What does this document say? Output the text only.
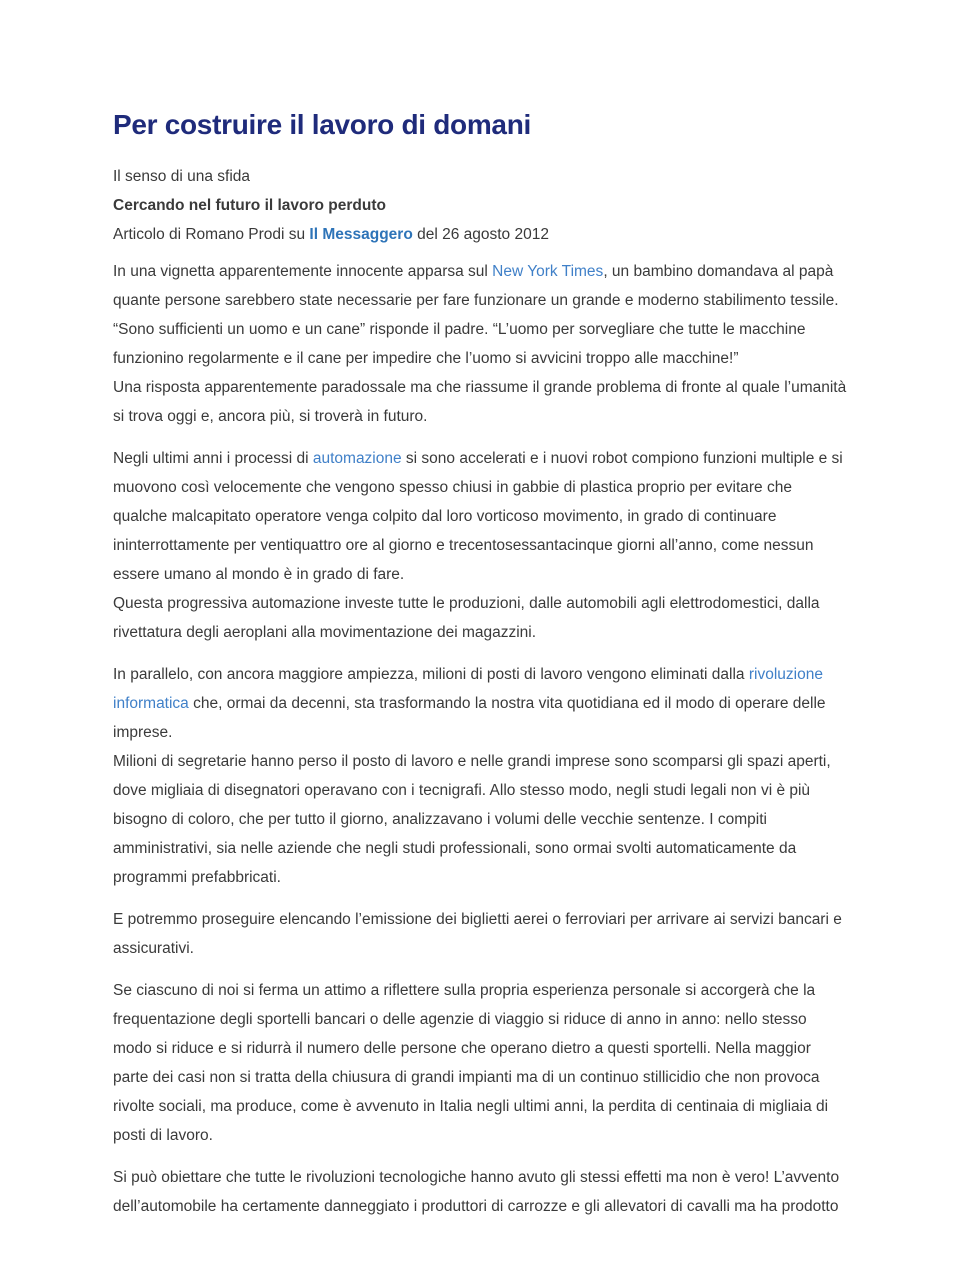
Per costruire il lavoro di domani

Il senso di una sfida

Cercando nel futuro il lavoro perduto

Articolo di Romano Prodi su Il Messaggero del 26 agosto 2012

In una vignetta apparentemente innocente apparsa sul New York Times, un bambino domandava al papà quante persone sarebbero state necessarie per fare funzionare un grande e moderno stabilimento tessile. “Sono sufficienti un uomo e un cane” risponde il padre. “L’uomo per sorvegliare che tutte le macchine funzionino regolarmente e il cane per impedire che l’uomo si avvicini troppo alle macchine!”
Una risposta apparentemente paradossale ma che riassume il grande problema di fronte al quale l’umanità si trova oggi e, ancora più, si troverà in futuro.

Negli ultimi anni i processi di automazione si sono accelerati e i nuovi robot compiono funzioni multiple e si muovono così velocemente che vengono spesso chiusi in gabbie di plastica proprio per evitare che qualche malcapitato operatore venga colpito dal loro vorticoso movimento, in grado di continuare ininterrottamente per ventiquattro ore al giorno e trecentosessantacinque giorni all’anno, come nessun essere umano al mondo è in grado di fare.
Questa progressiva automazione investe tutte le produzioni, dalle automobili agli elettrodomestici, dalla rivettatura degli aeroplani alla movimentazione dei magazzini.

In parallelo, con ancora maggiore ampiezza, milioni di posti di lavoro vengono eliminati dalla rivoluzione informatica che, ormai da decenni, sta trasformando la nostra vita quotidiana ed il modo di operare delle imprese.
Milioni di segretarie hanno perso il posto di lavoro e nelle grandi imprese sono scomparsi gli spazi aperti, dove migliaia di disegnatori operavano con i tecnigrafi. Allo stesso modo, negli studi legali non vi è più bisogno di coloro, che per tutto il giorno, analizzavano i volumi delle vecchie sentenze. I compiti amministrativi, sia nelle aziende che negli studi professionali, sono ormai svolti automaticamente da programmi prefabbricati.

E potremmo proseguire elencando l’emissione dei biglietti aerei o ferroviari per arrivare ai servizi bancari e assicurativi.

Se ciascuno di noi si ferma un attimo a riflettere sulla propria esperienza personale si accorgerà che la frequentazione degli sportelli bancari o delle agenzie di viaggio si riduce di anno in anno: nello stesso modo si riduce e si ridurrà il numero delle persone che operano dietro a questi sportelli. Nella maggior parte dei casi non si tratta della chiusura di grandi impianti ma di un continuo stillicidio che non provoca rivolte sociali, ma produce, come è avvenuto in Italia negli ultimi anni, la perdita di centinaia di migliaia di posti di lavoro.

Si può obiettare che tutte le rivoluzioni tecnologiche hanno avuto gli stessi effetti ma non è vero! L’avvento dell’automobile ha certamente danneggiato i produttori di carrozze e gli allevatori di cavalli ma ha prodotto
